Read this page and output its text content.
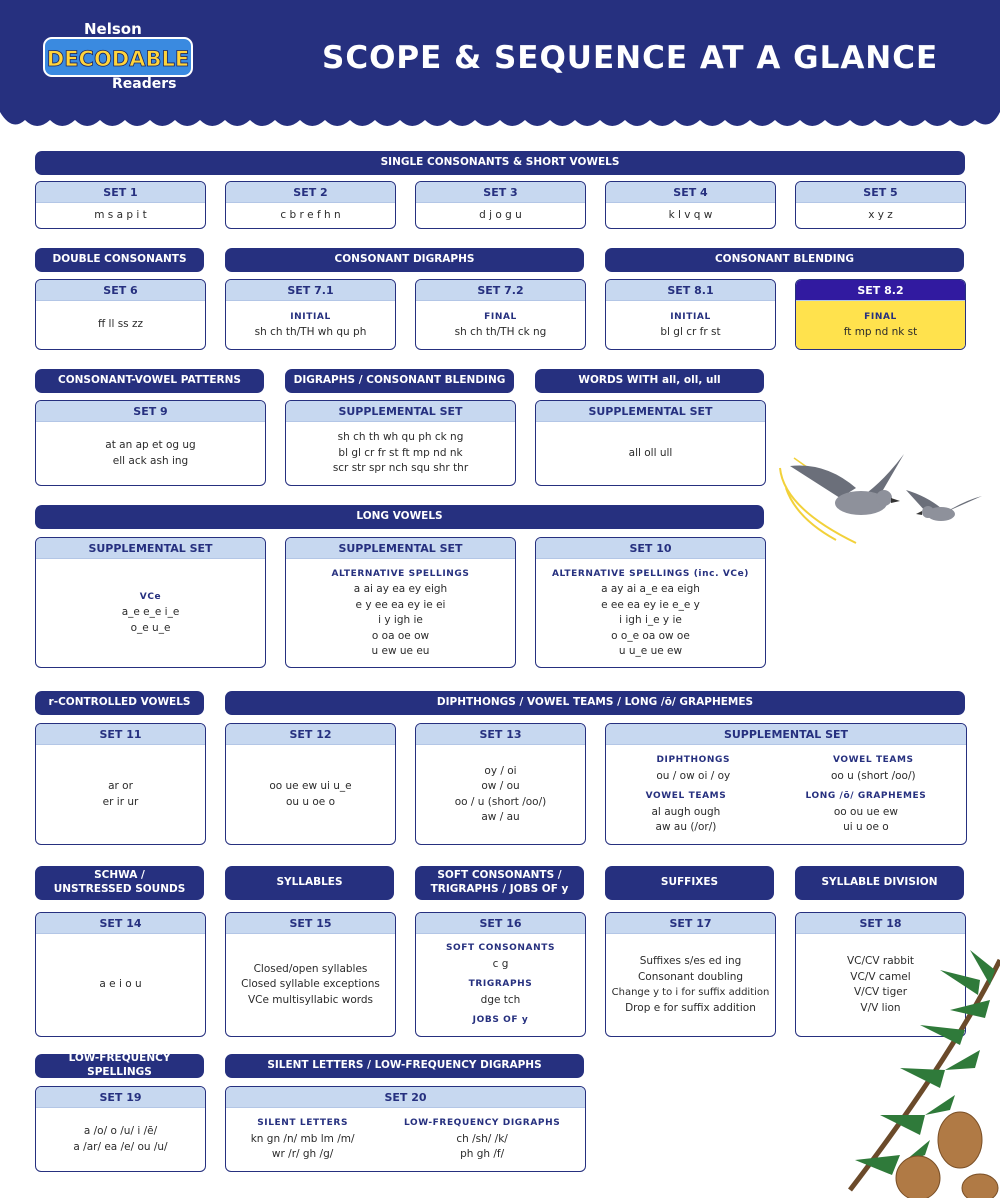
Nelson
DECODABLE
Readers
SCOPE & SEQUENCE AT A GLANCE
SINGLE CONSONANTS & SHORT VOWELS
SET 1
m s a p i t
SET 2
c b r e f h n
SET 3
d j o g u
SET 4
k l v q w
SET 5
x y z
DOUBLE CONSONANTS	CONSONANT DIGRAPHS	CONSONANT BLENDING
SET 6
ff ll ss zz
SET 7.1
INITIAL
sh ch th/TH wh qu ph
SET 7.2
FINAL
sh ch th/TH ck ng
SET 8.1
INITIAL
bl gl cr fr st
SET 8.2
FINAL
ft mp nd nk st
CONSONANT-VOWEL PATTERNS	DIGRAPHS / CONSONANT BLENDING	WORDS WITH all, oll, ull
SET 9
at an ap et og ug
ell ack ash ing
SUPPLEMENTAL SET
sh ch th wh qu ph ck ng
bl gl cr fr st ft mp nd nk
scr str spr nch squ shr thr
SUPPLEMENTAL SET
all oll ull
LONG VOWELS
SUPPLEMENTAL SET
VCe
a_e e_e i_e
o_e u_e
SUPPLEMENTAL SET
ALTERNATIVE SPELLINGS
a ai ay ea ey eigh
e y ee ea ey ie ei
i y igh ie
o oa oe ow
u ew ue eu
SET 10
ALTERNATIVE SPELLINGS (inc. VCe)
a ay ai a_e ea eigh
e ee ea ey ie e_e y
i igh i_e y ie
o o_e oa ow oe
u u_e ue ew
r-CONTROLLED VOWELS	DIPHTHONGS / VOWEL TEAMS / LONG /ō/ GRAPHEMES
SET 11
ar or
er ir ur
SET 12
oo ue ew ui u_e
ou u oe o
SET 13
oy / oi
ow / ou
oo / u (short /oo/)
aw / au
SUPPLEMENTAL SET
DIPHTHONGS
ou / ow oi / oy
VOWEL TEAMS
oo u (short /oo/)
VOWEL TEAMS
al augh ough
aw au (/or/)
LONG /ō/ GRAPHEMES
oo ou ue ew
ui u oe o
SCHWA /
UNSTRESSED SOUNDS
SYLLABLES
SOFT CONSONANTS /
TRIGRAPHS / JOBS OF y
SUFFIXES	SYLLABLE DIVISION
SET 14
a e i o u
SET 15
Closed/open syllables
Closed syllable exceptions
VCe multisyllabic words
SET 16
SOFT CONSONANTS
c g
TRIGRAPHS
dge tch
JOBS OF y
SET 17
Suffixes s/es ed ing
Consonant doubling
Change y to i for suffix addition
Drop e for suffix addition
SET 18
VC/CV rabbit
VC/V camel
V/CV tiger
V/V lion
LOW-FREQUENCY SPELLINGS
SILENT LETTERS / LOW-FREQUENCY DIGRAPHS
SET 19
a /o/ o /u/ i /ē/
a /ar/ ea /e/ ou /u/
SET 20
SILENT LETTERS
kn gn /n/ mb lm /m/
wr /r/ gh /g/
LOW-FREQUENCY DIGRAPHS
ch /sh/ /k/
ph gh /f/
